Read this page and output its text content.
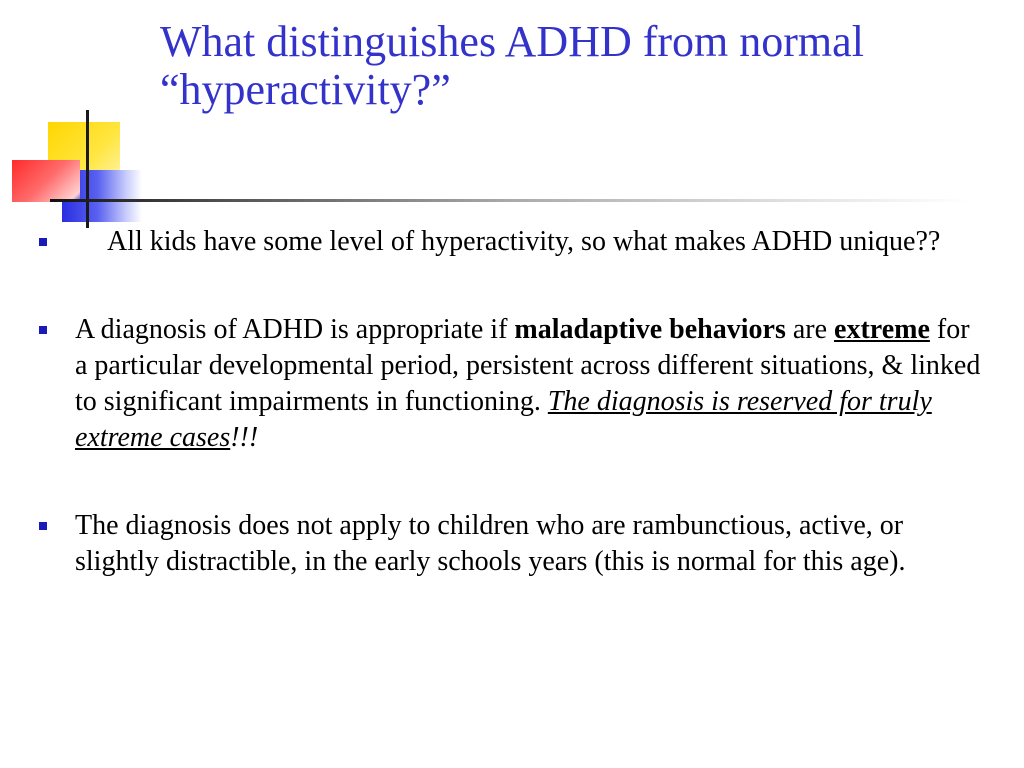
What distinguishes ADHD from normal
“hyperactivity?”
All kids have some level of hyperactivity, so what makes ADHD unique??
A diagnosis of ADHD is appropriate if maladaptive behaviors are extreme for a particular developmental period, persistent across different situations, & linked to significant impairments in functioning. The diagnosis is reserved for truly extreme cases!!!
The diagnosis does not apply to children who are rambunctious, active, or slightly distractible, in the early schools years (this is normal for this age).
